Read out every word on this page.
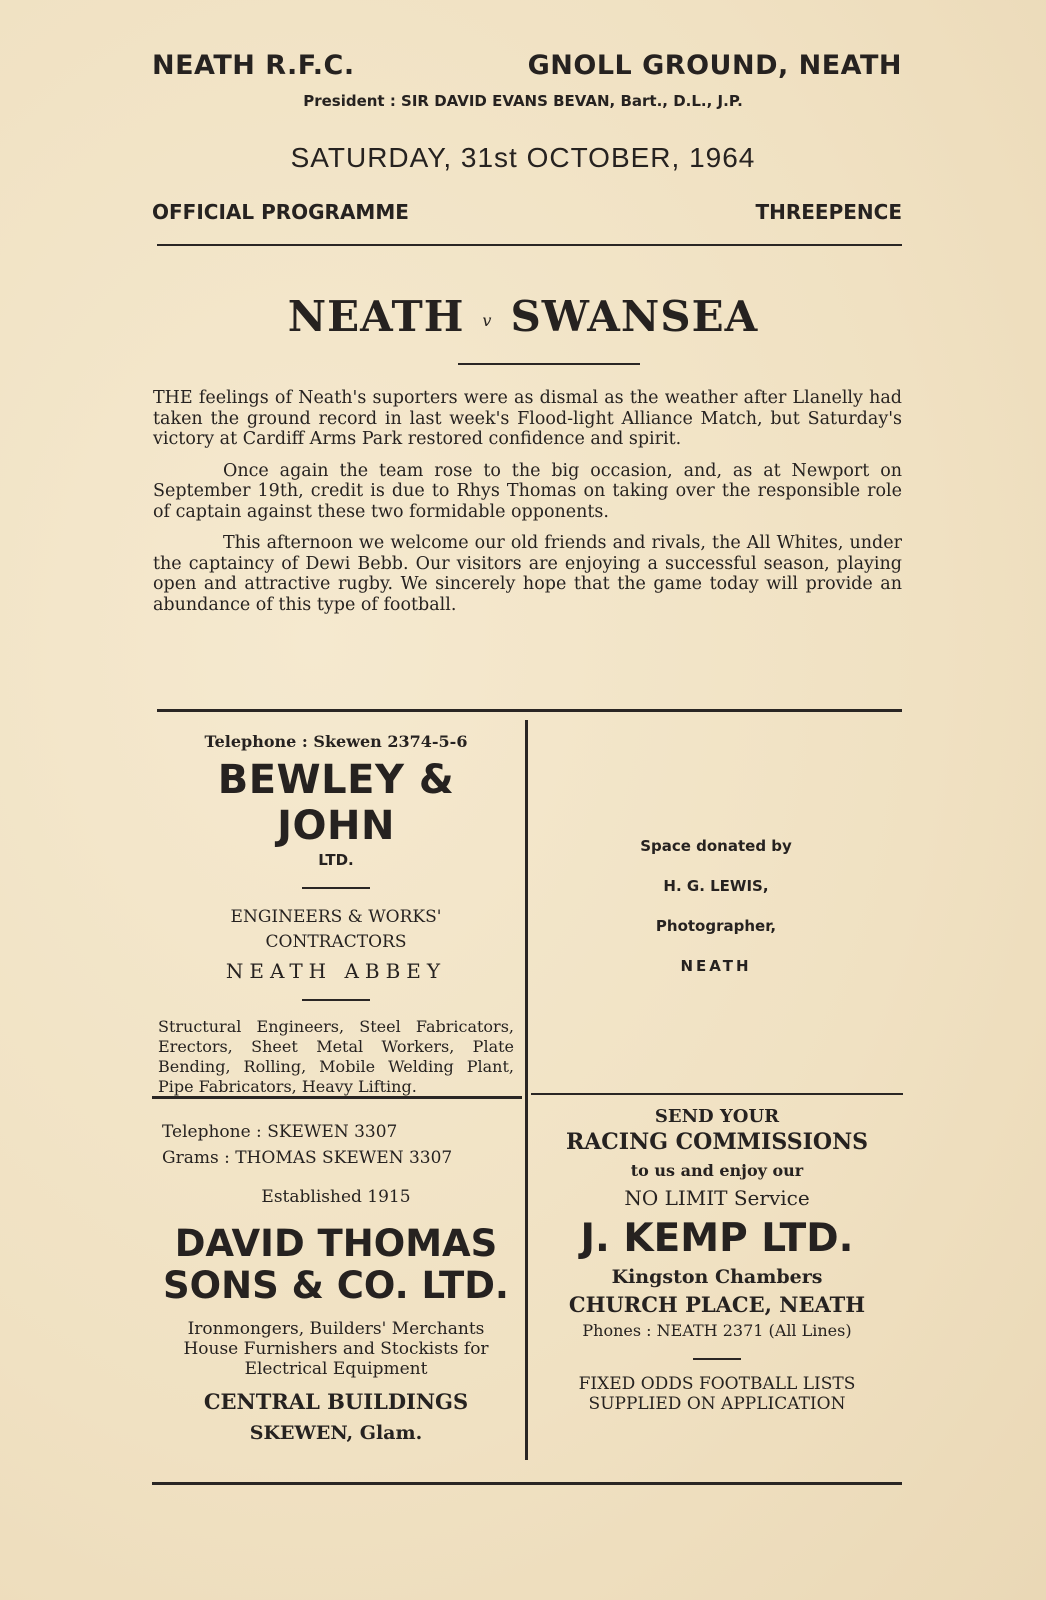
NEATH R.F.C.	GNOLL GROUND, NEATH
President : SIR DAVID EVANS BEVAN, Bart., D.L., J.P.
SATURDAY, 31st OCTOBER, 1964
OFFICIAL PROGRAMME	THREEPENCE
NEATH v SWANSEA

THE feelings of Neath's suporters were as dismal as the weather after Llanelly had taken the ground record in last week's Flood-light Alliance Match, but Saturday's victory at Cardiff Arms Park restored confidence and spirit.

Once again the team rose to the big occasion, and, as at Newport on September 19th, credit is due to Rhys Thomas on taking over the responsible role of captain against these two formidable opponents.

This afternoon we welcome our old friends and rivals, the All Whites, under the captaincy of Dewi Bebb. Our visitors are enjoying a successful season, playing open and attractive rugby. We sincerely hope that the game today will provide an abundance of this type of football.

Telephone : Skewen 2374-5-6
BEWLEY & JOHN
LTD.
ENGINEERS & WORKS'
CONTRACTORS
NEATH ABBEY
Structural Engineers, Steel Fabricators, Erectors, Sheet Metal Workers, Plate Bending, Rolling, Mobile Welding Plant, Pipe Fabricators, Heavy Lifting.
Space donated by
H. G. LEWIS,
Photographer,
NEATH
Telephone : SKEWEN 3307
Grams : THOMAS SKEWEN 3307
Established 1915
DAVID THOMAS
SONS & CO. LTD.
Ironmongers, Builders' Merchants House Furnishers and Stockists for Electrical Equipment
CENTRAL BUILDINGS
SKEWEN, Glam.
SEND YOUR
RACING COMMISSIONS
to us and enjoy our
NO LIMIT Service
J. KEMP LTD.
Kingston Chambers
CHURCH PLACE, NEATH
Phones : NEATH 2371 (All Lines)
FIXED ODDS FOOTBALL LISTS
SUPPLIED ON APPLICATION
